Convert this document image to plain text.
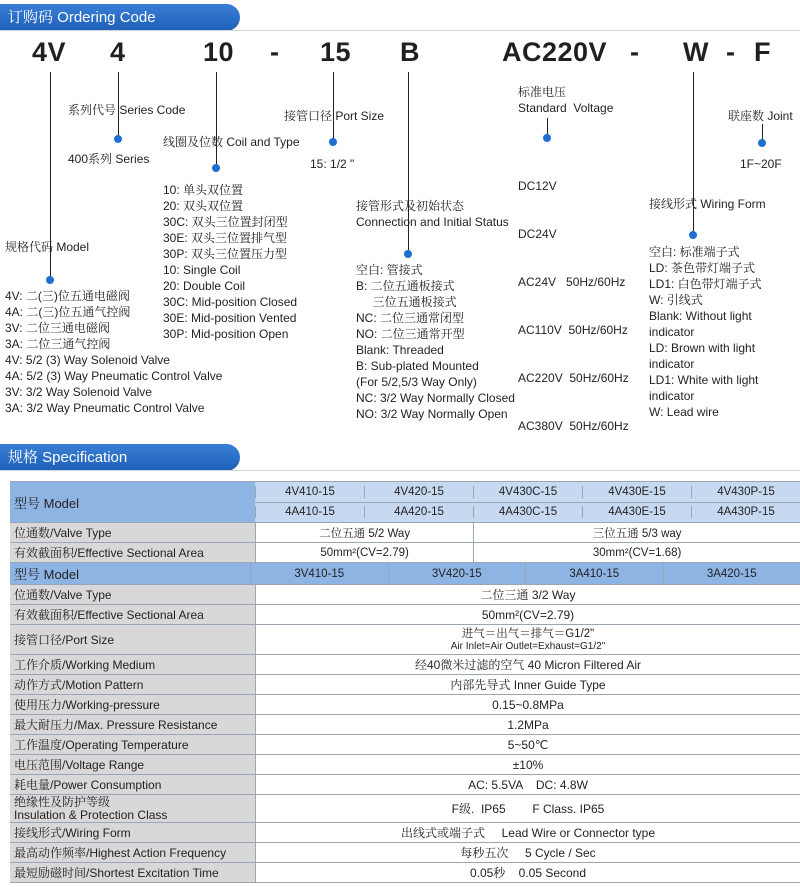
订购码 Ordering Code
4V 4	10 - 15 B	AC220V - W - F
规格代码 Model
4V: 二(三)位五通电磁阀
4A: 二(三)位五通气控阀
3V: 二位三通电磁阀
3A: 二位三通气控阀
4V: 5/2 (3) Way Solenoid Valve
4A: 5/2 (3) Way Pneumatic Control Valve
3V: 3/2 Way Solenoid Valve
3A: 3/2 Way Pneumatic Control Valve
系列代号 Series Code
400系列 Series
线圈及位数 Coil and Type
10: 单头双位置
20: 双头双位置
30C: 双头三位置封闭型
30E: 双头三位置排气型
30P: 双头三位置压力型
10: Single Coil
20: Double Coil
30C: Mid-position Closed
30E: Mid-position Vented
30P: Mid-position Open
接管口径 Port Size
15: 1/2 "
接管形式及初始状态
Connection and Initial Status
空白: 管接式
B: 二位五通板接式
三位五通板接式
NC: 二位三通常闭型
NO: 二位三通常开型
Blank: Threaded
B: Sub-plated Mounted
(For 5/2,5/3 Way Only)
NC: 3/2 Way Normally Closed
NO: 3/2 Way Normally Open
标准电压
Standard  Voltage

DC12V

DC24V

AC24V   50Hz/60Hz

AC110V  50Hz/60Hz

AC220V  50Hz/60Hz

AC380V  50Hz/60Hz

接线形式 Wiring Form
空白: 标准端子式
LD: 茶色带灯端子式
LD1: 白色带灯端子式
W: 引线式
Blank: Without light
indicator
LD: Brown with light
indicator
LD1: White with light
indicator
W: Lead wire
联座数 Joint
1F~20F
规格 Specification
型号 Model
4V410-15	4V420-15	4V430C-15	4V430E-15	4V430P-15
4A410-15	4A420-15	4A430C-15	4A430E-15	4A430P-15
位通数/Valve Type	二位五通 5/2 Way	三位五通 5/3 way
有效截面积/Effective Sectional Area	50mm²(CV=2.79)	30mm²(CV=1.68)
型号 Model	3V410-15	3V420-15	3A410-15	3A420-15
位通数/Valve Type	二位三通 3/2 Way
有效截面积/Effective Sectional Area	50mm²(CV=2.79)
接管口径/Port Size	进气＝出气＝排气＝G1/2"
Air Inlet=Air Outlet=Exhaust=G1/2"
工作介质/Working Medium	经40微米过滤的空气 40 Micron Filtered Air
动作方式/Motion Pattern	内部先导式 Inner Guide Type
使用压力/Working-pressure	0.15~0.8MPa
最大耐压力/Max. Pressure Resistance	1.2MPa
工作温度/Operating Temperature	5~50℃
电压范围/Voltage Range	±10%
耗电量/Power Consumption	AC: 5.5VA    DC: 4.8W
绝缘性及防护等级
Insulation & Protection Class	F级.  IP65        F Class. IP65
接线形式/Wiring Form	出线式或端子式     Lead Wire or Connector type
最高动作频率/Highest Action Frequency	每秒五次     5 Cycle / Sec
最短励磁时间/Shortest Excitation Time	0.05秒    0.05 Second
